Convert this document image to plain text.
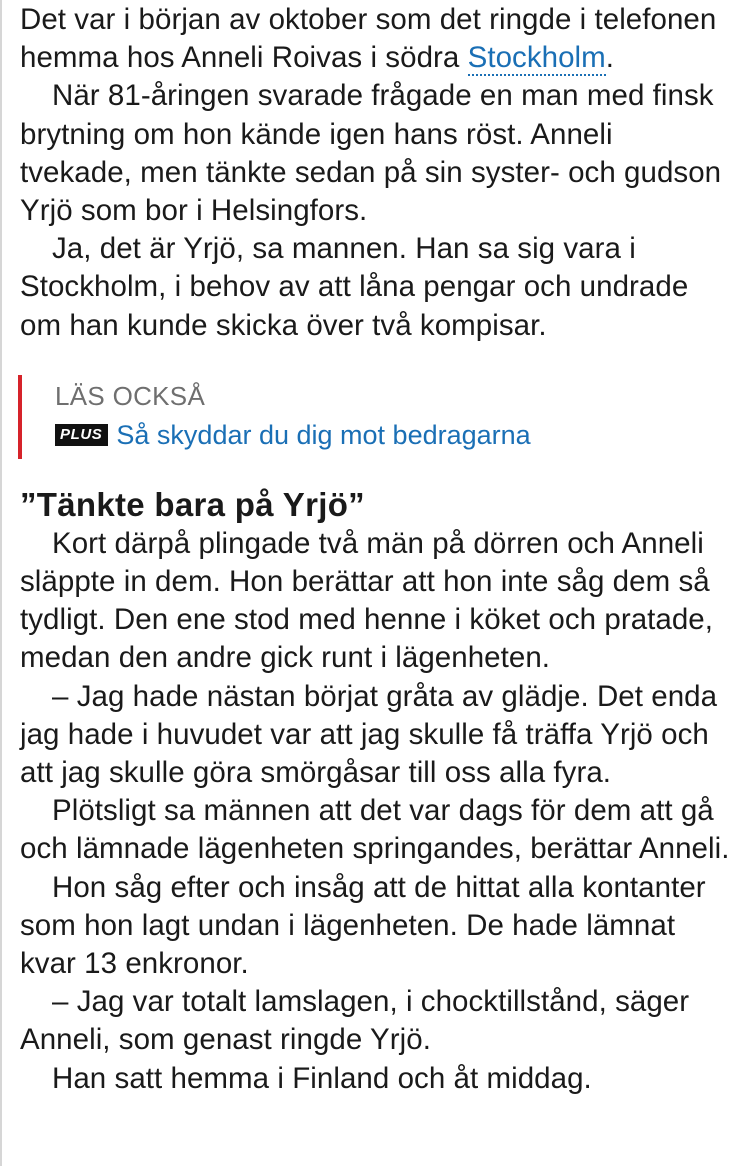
Det var i början av oktober som det ringde i telefonen hemma hos Anneli Roivas i södra Stockholm.

När 81-åringen svarade frågade en man med finsk brytning om hon kände igen hans röst. Anneli tvekade, men tänkte sedan på sin syster- och gudson Yrjö som bor i Helsingfors.

Ja, det är Yrjö, sa mannen. Han sa sig vara i Stockholm, i behov av att låna pengar och undrade om han kunde skicka över två kompisar.

LÄS OCKSÅ
PLUS Så skyddar du dig mot bedragarna
”Tänkte bara på Yrjö”

Kort därpå plingade två män på dörren och Anneli släppte in dem. Hon berättar att hon inte såg dem så tydligt. Den ene stod med henne i köket och pratade, medan den andre gick runt i lägenheten.

– Jag hade nästan börjat gråta av glädje. Det enda jag hade i huvudet var att jag skulle få träffa Yrjö och att jag skulle göra smörgåsar till oss alla fyra.

Plötsligt sa männen att det var dags för dem att gå och lämnade lägenheten springandes, berättar Anneli.

Hon såg efter och insåg att de hittat alla kontanter som hon lagt undan i lägenheten. De hade lämnat kvar 13 enkronor.

– Jag var totalt lamslagen, i chocktillstånd, säger Anneli, som genast ringde Yrjö.

Han satt hemma i Finland och åt middag.
